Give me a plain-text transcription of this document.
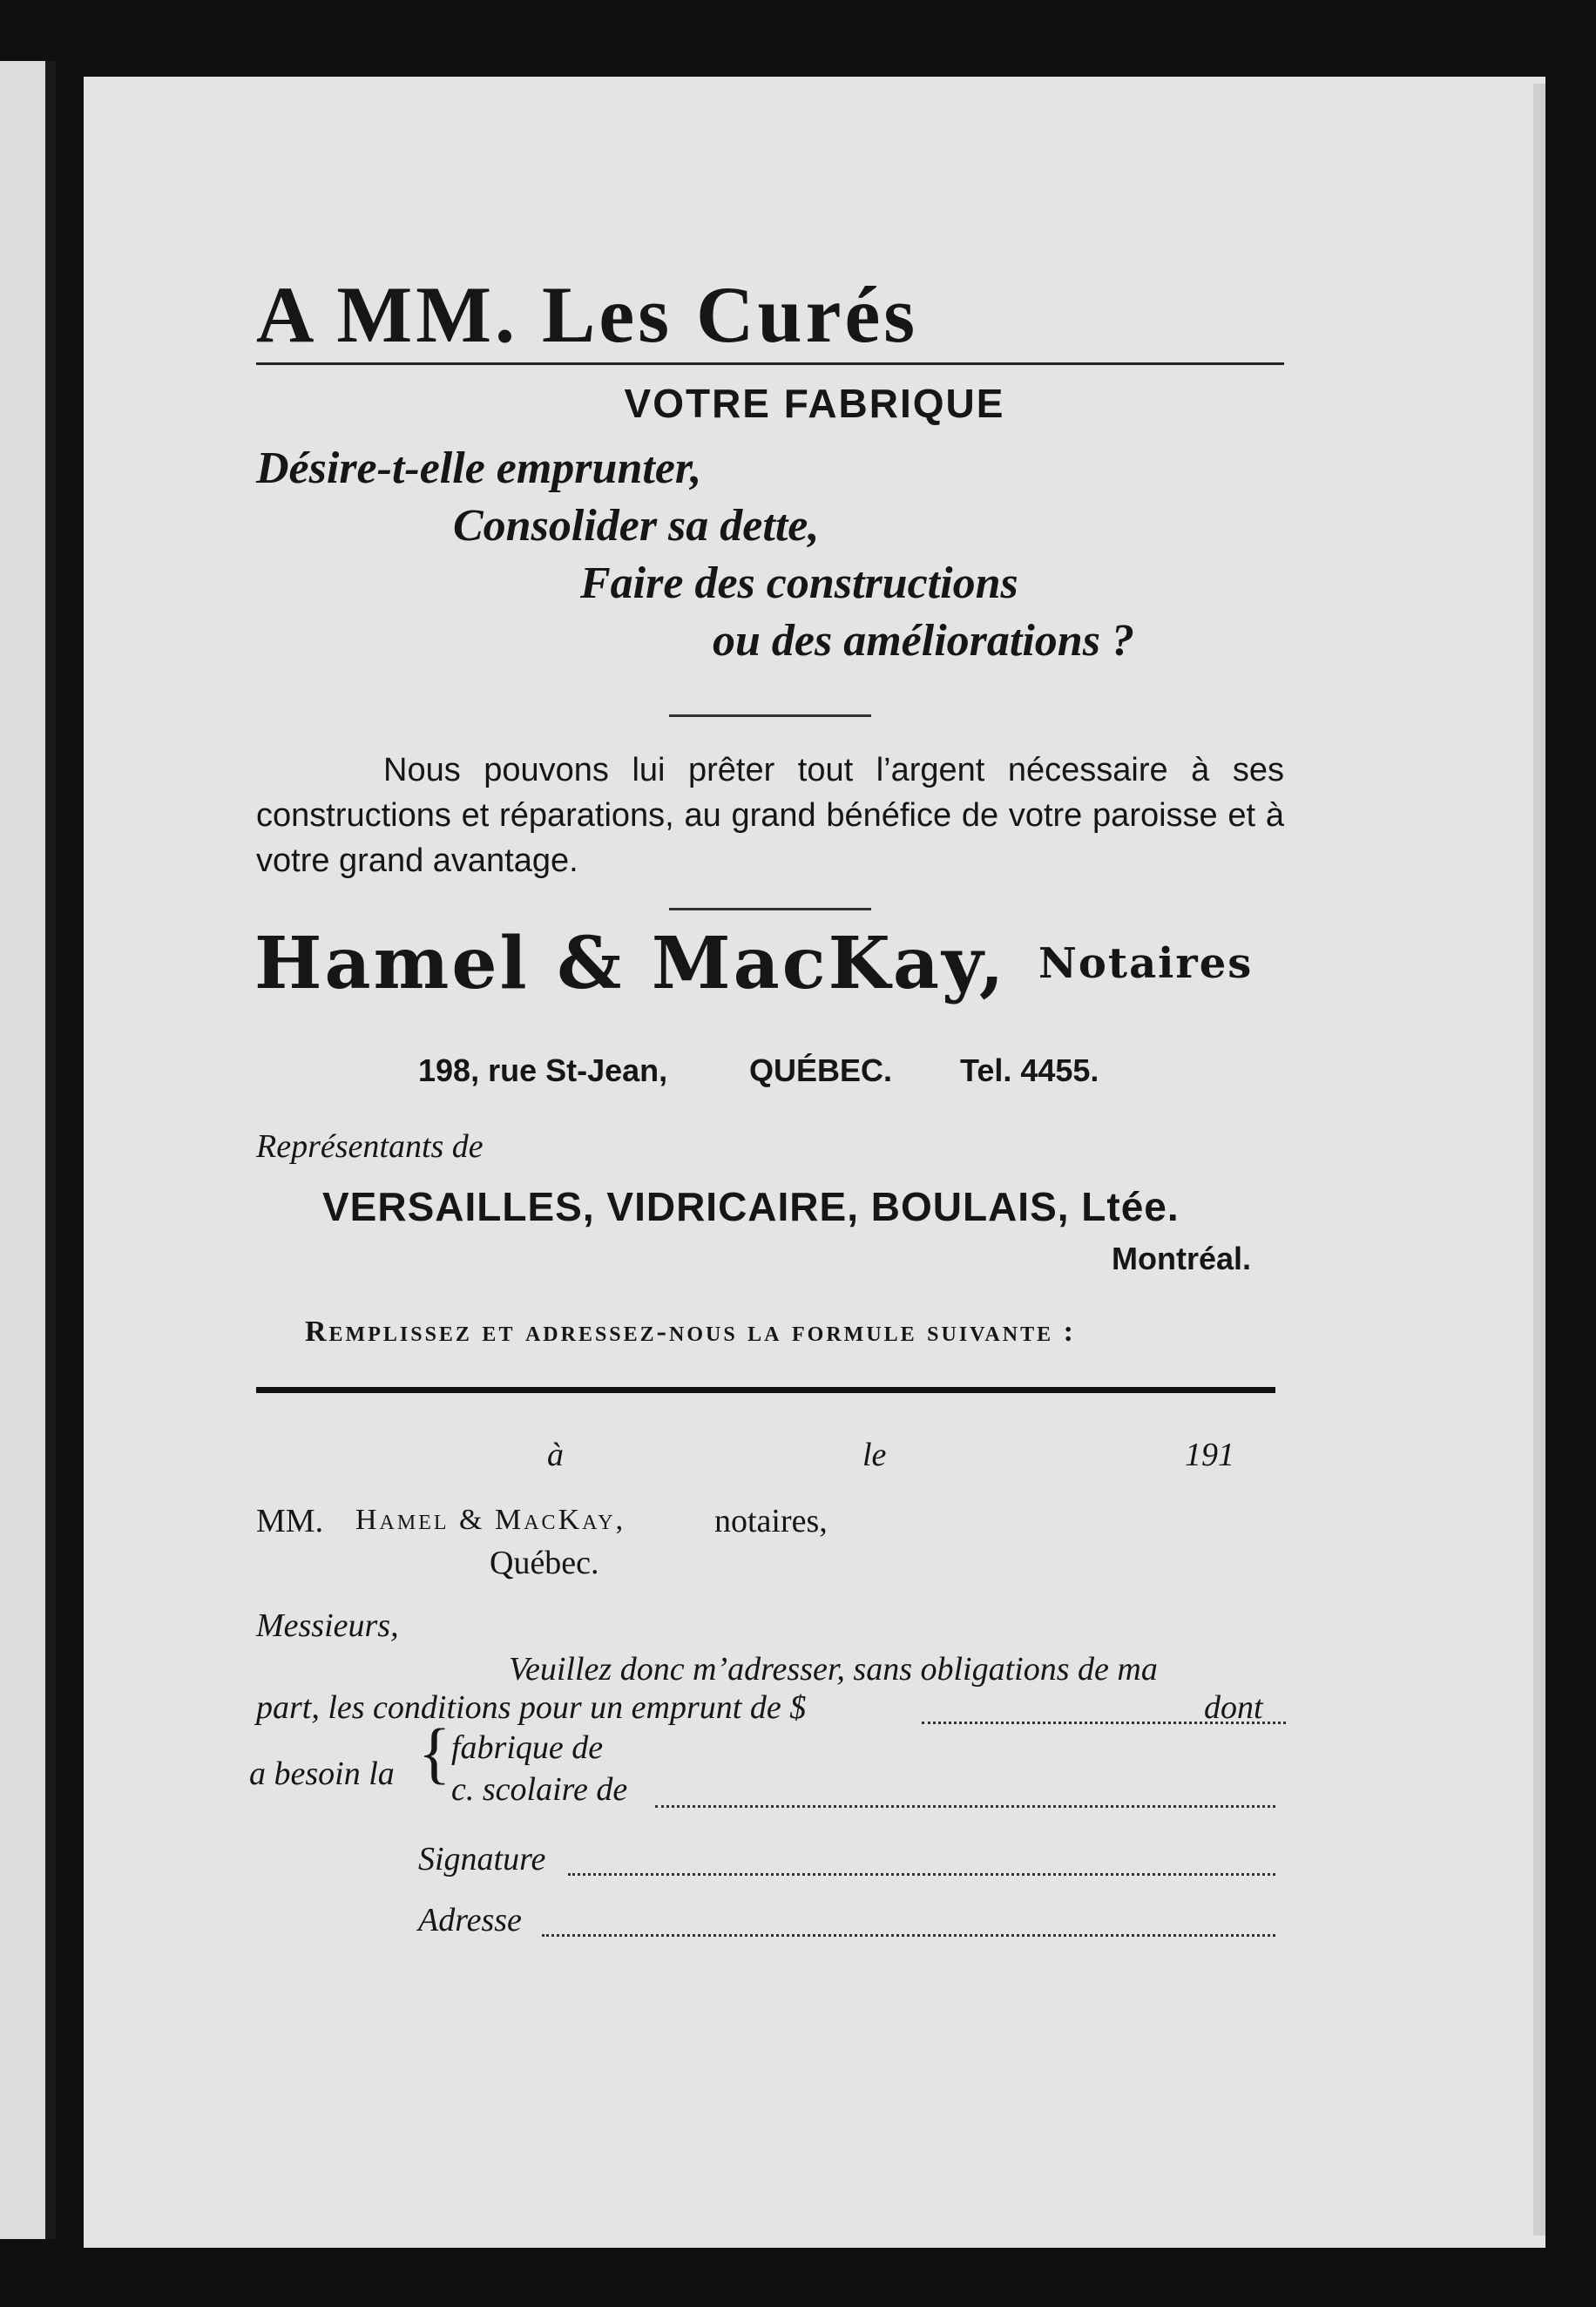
A MM. Les Curés
VOTRE FABRIQUE
Désire-t-elle emprunter,
Consolider sa dette,
Faire des constructions
ou des améliorations ?
Nous pouvons lui prêter tout l’argent nécessaire à ses constructions et réparations, au grand bénéfice de votre paroisse et à votre grand avantage.
Hamel & MacKay, Notaires
198, rue St-Jean,	QUÉBEC. Tel. 4455.
Représentants de
VERSAILLES, VIDRICAIRE, BOULAIS, Ltée.
Montréal.
Remplissez et adressez-nous la formule suivante :
à	le	191
MM. Hamel & MacKay,	notaires,
Québec.
Messieurs,
Veuillez donc m’adresser, sans obligations de ma
part, les conditions pour un emprunt de $	dont
a besoin la { fabrique de
c. scolaire de
Signature
Adresse
